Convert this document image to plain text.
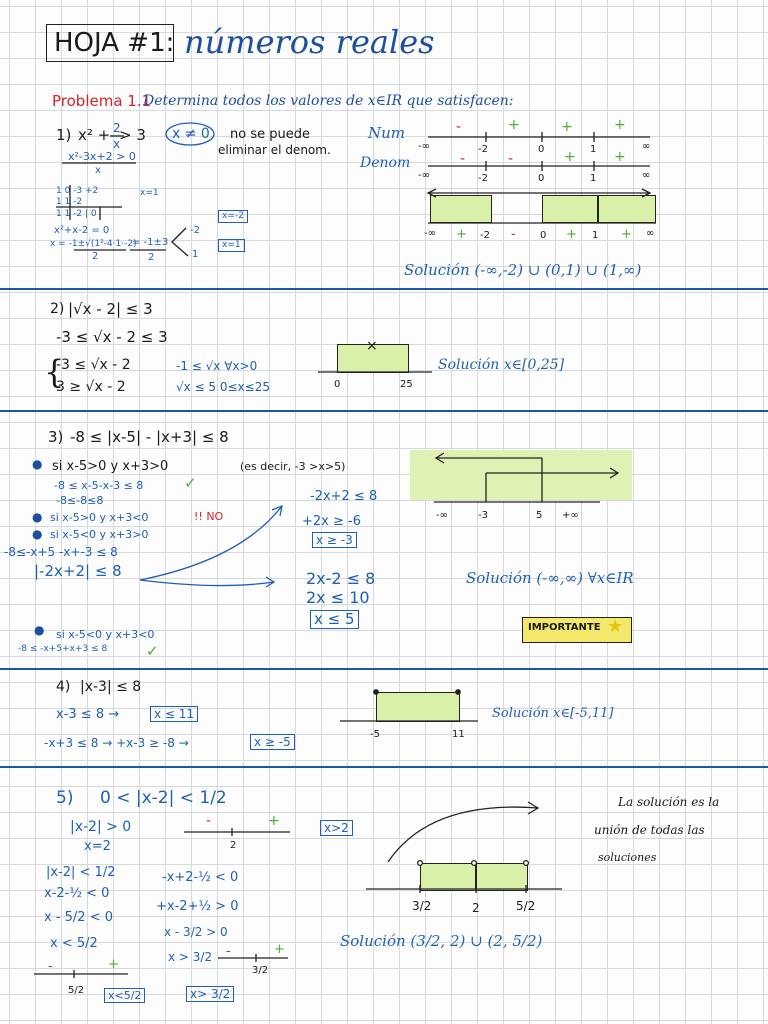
HOJA #1: números reales
Problema 1.1
Determina todos los valores de x∈IR que satisfacen:
1) x² + 2
x
> 3 x ≠ 0 no se puede
eliminar el denom.
x²-3x+2 > 0
x
1 0 -3 +2
1 1 -2
1 1 -2 | 0
x=1
x²+x-2 = 0
x = -1±√(1²-4·1·-2)
2
= -1±3
2
-2
1
x=-2
x=1
Num
Denom
-∞	-2	0	1	∞
-	+	+	+
-∞	-2	0	1	∞
-	-	+	+
-∞	-2	0	1	∞
+	-	+	+
Solución (-∞,-2) ∪ (0,1) ∪ (1,∞)
2) |√x - 2| ≤ 3
-3 ≤ √x - 2 ≤ 3
{
-3 ≤ √x - 2
3 ≥ √x - 2
-1 ≤ √x ∀x>0
√x ≤ 5 0≤x≤25	0	25
Solución x∈[0,25]
3) -8 ≤ |x-5| - |x+3| ≤ 8
● si x-5>0 y x+3>0	(es decir, -3 >x>5)
-8 ≤ x-5-x-3 ≤ 8	✓
-8≤-8≤8
● si x-5>0 y x+3<0	!! NO
● si x-5<0 y x+3>0
-8≤-x+5 -x+-3 ≤ 8
|-2x+2| ≤ 8
-2x+2 ≤ 8
+2x ≥ -6
x ≥ -3
2x-2 ≤ 8
2x ≤ 10
x ≤ 5
● si x-5<0 y x+3<0
-8 ≤ -x+5+x+3 ≤ 8	✓
-∞	-3	5 +∞
Solución (-∞,∞) ∀x∈IR
IMPORTANTE ★
4) |x-3| ≤ 8
x-3 ≤ 8 →	x ≤ 11
-x+3 ≤ 8 → +x-3 ≥ -8 →	x ≥ -5
-5	11
Solución x∈[-5,11]
5) 0 < |x-2| < 1/2
|x-2| > 0
x=2
-	+
2
x>2
|x-2| < 1/2
x-2-½ < 0
x - 5/2 < 0
x < 5/2
-	+
5/2	x<5/2
-x+2-½ < 0
+x-2+½ > 0
x - 3/2 > 0
x > 3/2 -	+
3/2
x> 3/2
3/2	2	5/2
Solución (3/2, 2) ∪ (2, 5/2)
La solución es la
unión de todas las
soluciones
×
